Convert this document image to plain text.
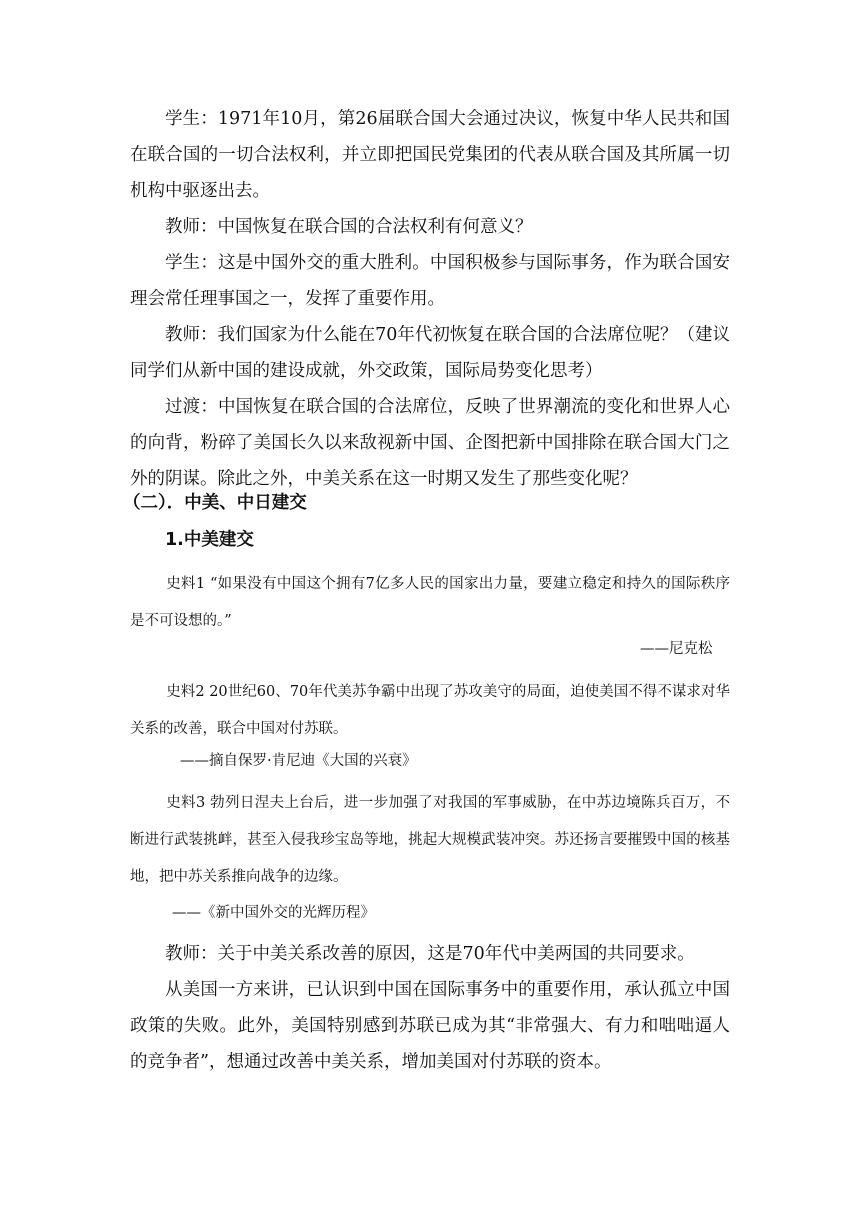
学生：1971年10月，第26届联合国大会通过决议，恢复中华人民共和国在联合国的一切合法权利，并立即把国民党集团的代表从联合国及其所属一切机构中驱逐出去。

教师：中国恢复在联合国的合法权利有何意义？

学生：这是中国外交的重大胜利。中国积极参与国际事务，作为联合国安理会常任理事国之一，发挥了重要作用。

教师：我们国家为什么能在70年代初恢复在联合国的合法席位呢？（建议同学们从新中国的建设成就，外交政策，国际局势变化思考）

过渡：中国恢复在联合国的合法席位，反映了世界潮流的变化和世界人心的向背，粉碎了美国长久以来敌视新中国、企图把新中国排除在联合国大门之外的阴谋。除此之外，中美关系在这一时期又发生了那些变化呢？

（二）．中美、中日建交
1.中美建交

史料1 “如果没有中国这个拥有7亿多人民的国家出力量，要建立稳定和持久的国际秩序是不可设想的。”

——尼克松

史料2 20世纪60、70年代美苏争霸中出现了苏攻美守的局面，迫使美国不得不谋求对华关系的改善，联合中国对付苏联。

——摘自保罗·肯尼迪《大国的兴衰》

史料3 勃列日涅夫上台后，进一步加强了对我国的军事威胁，在中苏边境陈兵百万，不断进行武装挑衅，甚至入侵我珍宝岛等地，挑起大规模武装冲突。苏还扬言要摧毁中国的核基地，把中苏关系推向战争的边缘。

——《新中国外交的光辉历程》

教师：关于中美关系改善的原因，这是70年代中美两国的共同要求。

从美国一方来讲，已认识到中国在国际事务中的重要作用，承认孤立中国政策的失败。此外，美国特别感到苏联已成为其“非常强大、有力和咄咄逼人的竞争者”，想通过改善中美关系，增加美国对付苏联的资本。
